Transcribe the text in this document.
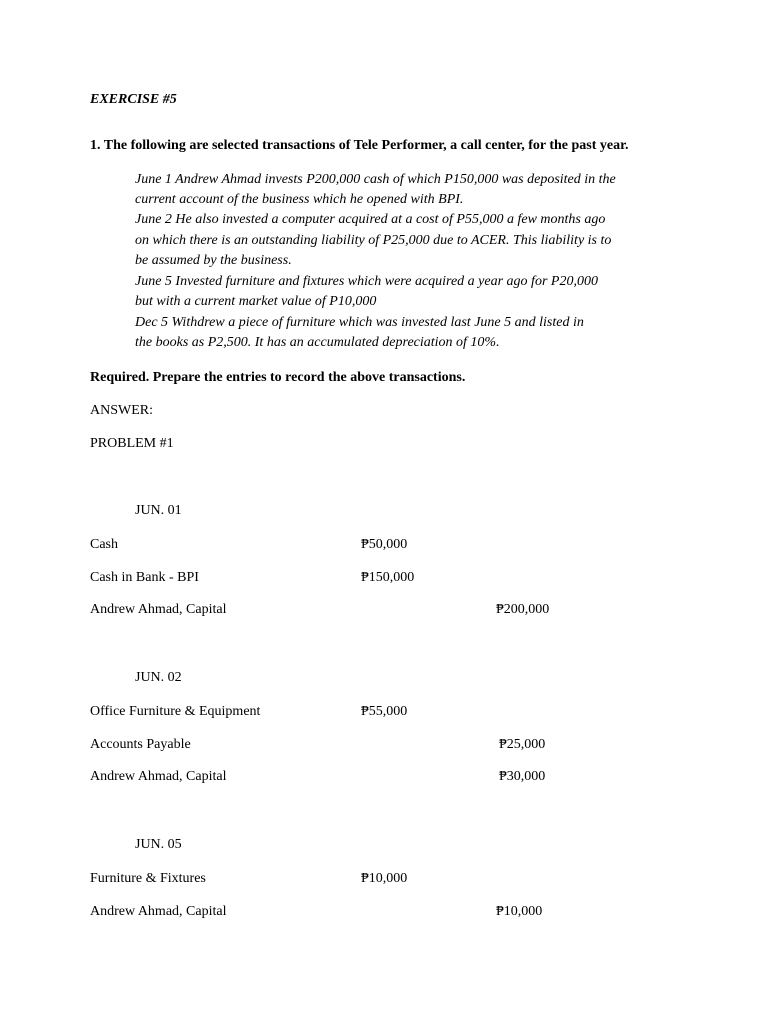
EXERCISE #5
1. The following are selected transactions of Tele Performer, a call center, for the past year.
June 1 Andrew Ahmad invests P200,000 cash of which P150,000 was deposited in the
current account of the business which he opened with BPI.
June 2 He also invested a computer acquired at a cost of P55,000 a few months ago
on which there is an outstanding liability of P25,000 due to ACER. This liability is to
be assumed by the business.
June 5 Invested furniture and fixtures which were acquired a year ago for P20,000
but with a current market value of P10,000
Dec 5 Withdrew a piece of furniture which was invested last June 5 and listed in
the books as P2,500. It has an accumulated depreciation of 10%.
Required. Prepare the entries to record the above transactions.
ANSWER:
PROBLEM #1
JUN. 01
Cash	₱50,000
Cash in Bank - BPI	₱150,000
Andrew Ahmad, Capital	₱200,000
JUN. 02
Office Furniture & Equipment	₱55,000
Accounts Payable	₱25,000
Andrew Ahmad, Capital	₱30,000
JUN. 05
Furniture & Fixtures	₱10,000
Andrew Ahmad, Capital	₱10,000
